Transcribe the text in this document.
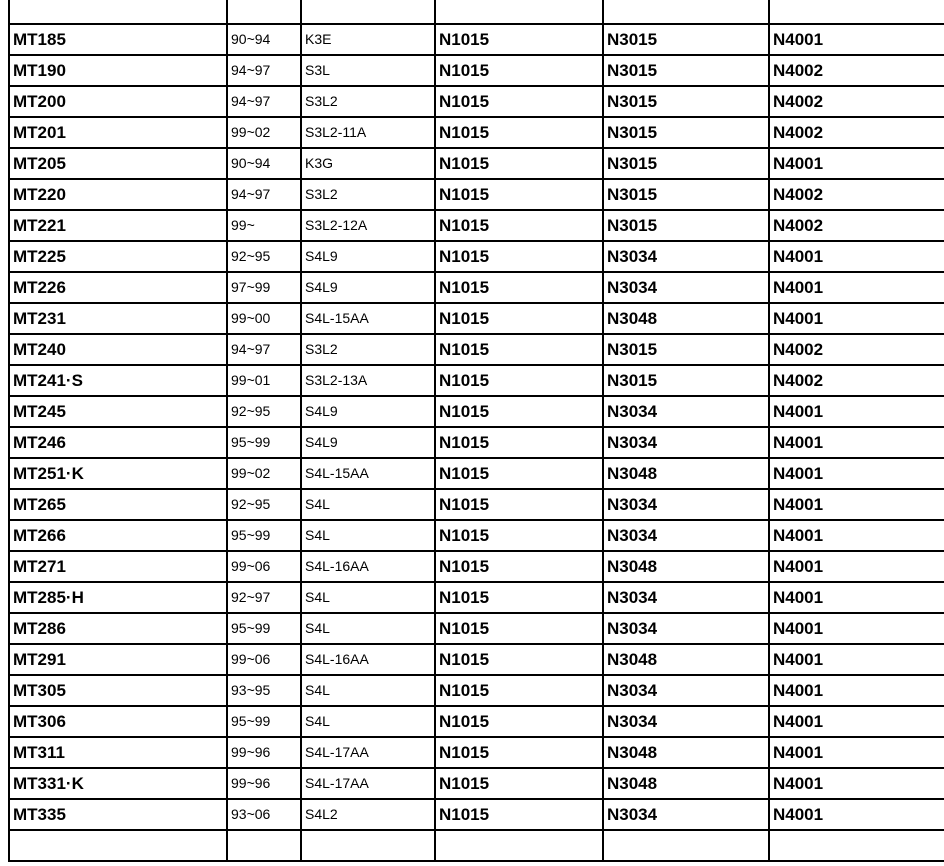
MT185	90~94	K3E	N1015	N3015	N4001
MT190	94~97	S3L	N1015	N3015	N4002
MT200	94~97	S3L2	N1015	N3015	N4002
MT201	99~02	S3L2-11A	N1015	N3015	N4002
MT205	90~94	K3G	N1015	N3015	N4001
MT220	94~97	S3L2	N1015	N3015	N4002
MT221	99~	S3L2-12A	N1015	N3015	N4002
MT225	92~95	S4L9	N1015	N3034	N4001
MT226	97~99	S4L9	N1015	N3034	N4001
MT231	99~00	S4L-15AA	N1015	N3048	N4001
MT240	94~97	S3L2	N1015	N3015	N4002
MT241·S	99~01	S3L2-13A	N1015	N3015	N4002
MT245	92~95	S4L9	N1015	N3034	N4001
MT246	95~99	S4L9	N1015	N3034	N4001
MT251·K	99~02	S4L-15AA	N1015	N3048	N4001
MT265	92~95	S4L	N1015	N3034	N4001
MT266	95~99	S4L	N1015	N3034	N4001
MT271	99~06	S4L-16AA	N1015	N3048	N4001
MT285·H	92~97	S4L	N1015	N3034	N4001
MT286	95~99	S4L	N1015	N3034	N4001
MT291	99~06	S4L-16AA	N1015	N3048	N4001
MT305	93~95	S4L	N1015	N3034	N4001
MT306	95~99	S4L	N1015	N3034	N4001
MT311	99~96	S4L-17AA	N1015	N3048	N4001
MT331·K	99~96	S4L-17AA	N1015	N3048	N4001
MT335	93~06	S4L2	N1015	N3034	N4001
